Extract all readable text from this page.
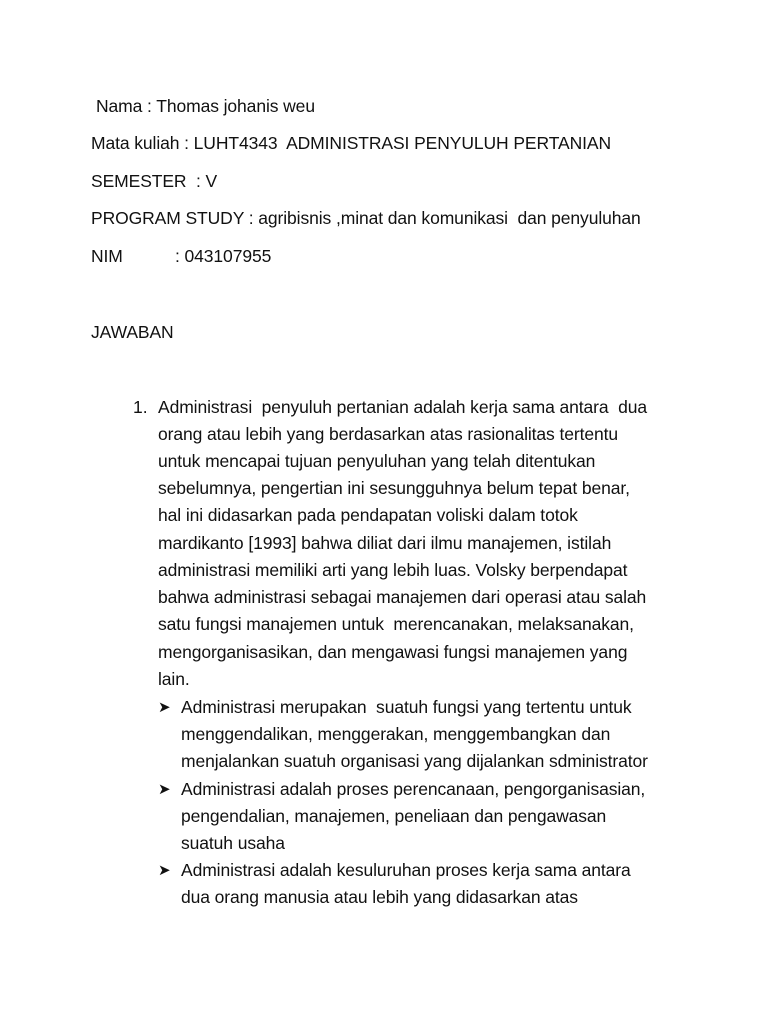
Nama : Thomas johanis weu
Mata kuliah : LUHT4343  ADMINISTRASI PENYULUH PERTANIAN
SEMESTER  : V
PROGRAM STUDY : agribisnis ,minat dan komunikasi  dan penyuluhan
NIM	: 043107955
JAWABAN
1. Administrasi  penyuluh pertanian adalah kerja sama antara  dua
orang atau lebih yang berdasarkan atas rasionalitas tertentu
untuk mencapai tujuan penyuluhan yang telah ditentukan
sebelumnya, pengertian ini sesungguhnya belum tepat benar,
hal ini didasarkan pada pendapatan voliski dalam totok
mardikanto [1993] bahwa diliat dari ilmu manajemen, istilah
administrasi memiliki arti yang lebih luas. Volsky berpendapat
bahwa administrasi sebagai manajemen dari operasi atau salah
satu fungsi manajemen untuk  merencanakan, melaksanakan,
mengorganisasikan, dan mengawasi fungsi manajemen yang
lain.
➤ Administrasi merupakan  suatuh fungsi yang tertentu untuk
menggendalikan, menggerakan, menggembangkan dan
menjalankan suatuh organisasi yang dijalankan sdministrator
➤ Administrasi adalah proses perencanaan, pengorganisasian,
pengendalian, manajemen, peneliaan dan pengawasan
suatuh usaha
➤ Administrasi adalah kesuluruhan proses kerja sama antara
dua orang manusia atau lebih yang didasarkan atas
